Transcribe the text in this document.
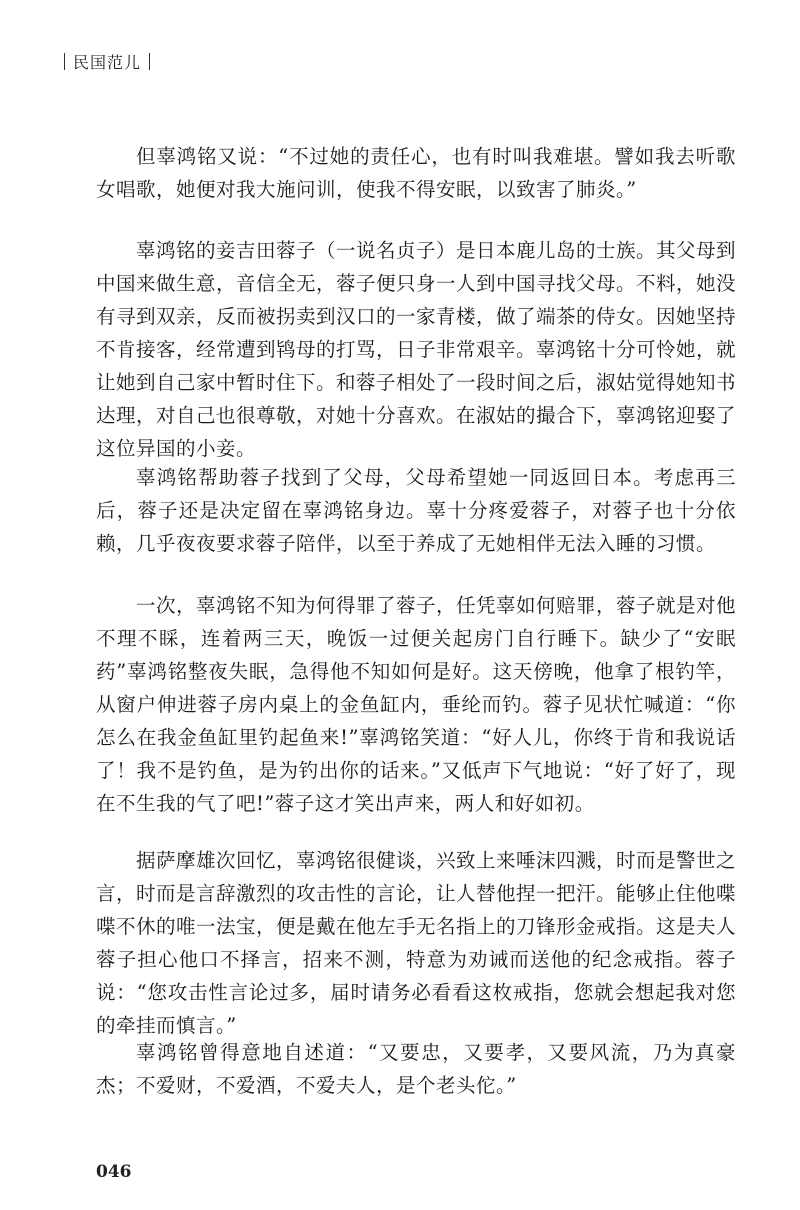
民国范儿

但辜鸿铭又说：“不过她的责任心，也有时叫我难堪。譬如我去听歌女唱歌，她便对我大施问训，使我不得安眠，以致害了肺炎。”

辜鸿铭的妾吉田蓉子（一说名贞子）是日本鹿儿岛的士族。其父母到中国来做生意，音信全无，蓉子便只身一人到中国寻找父母。不料，她没有寻到双亲，反而被拐卖到汉口的一家青楼，做了端茶的侍女。因她坚持不肯接客，经常遭到鸨母的打骂，日子非常艰辛。辜鸿铭十分可怜她，就让她到自己家中暂时住下。和蓉子相处了一段时间之后，淑姑觉得她知书达理，对自己也很尊敬，对她十分喜欢。在淑姑的撮合下，辜鸿铭迎娶了这位异国的小妾。

辜鸿铭帮助蓉子找到了父母，父母希望她一同返回日本。考虑再三后，蓉子还是决定留在辜鸿铭身边。辜十分疼爱蓉子，对蓉子也十分依赖，几乎夜夜要求蓉子陪伴，以至于养成了无她相伴无法入睡的习惯。

一次，辜鸿铭不知为何得罪了蓉子，任凭辜如何赔罪，蓉子就是对他不理不睬，连着两三天，晚饭一过便关起房门自行睡下。缺少了“安眠药”辜鸿铭整夜失眠，急得他不知如何是好。这天傍晚，他拿了根钓竿，从窗户伸进蓉子房内桌上的金鱼缸内，垂纶而钓。蓉子见状忙喊道：“你怎么在我金鱼缸里钓起鱼来!”辜鸿铭笑道：“好人儿，你终于肯和我说话了！我不是钓鱼，是为钓出你的话来。”又低声下气地说：“好了好了，现在不生我的气了吧!”蓉子这才笑出声来，两人和好如初。

据萨摩雄次回忆，辜鸿铭很健谈，兴致上来唾沫四溅，时而是警世之言，时而是言辞激烈的攻击性的言论，让人替他捏一把汗。能够止住他喋喋不休的唯一法宝，便是戴在他左手无名指上的刀锋形金戒指。这是夫人蓉子担心他口不择言，招来不测，特意为劝诫而送他的纪念戒指。蓉子说：“您攻击性言论过多，届时请务必看看这枚戒指，您就会想起我对您的牵挂而慎言。”

辜鸿铭曾得意地自述道：“又要忠，又要孝，又要风流，乃为真豪杰；不爱财，不爱酒，不爱夫人，是个老头佗。”

046
